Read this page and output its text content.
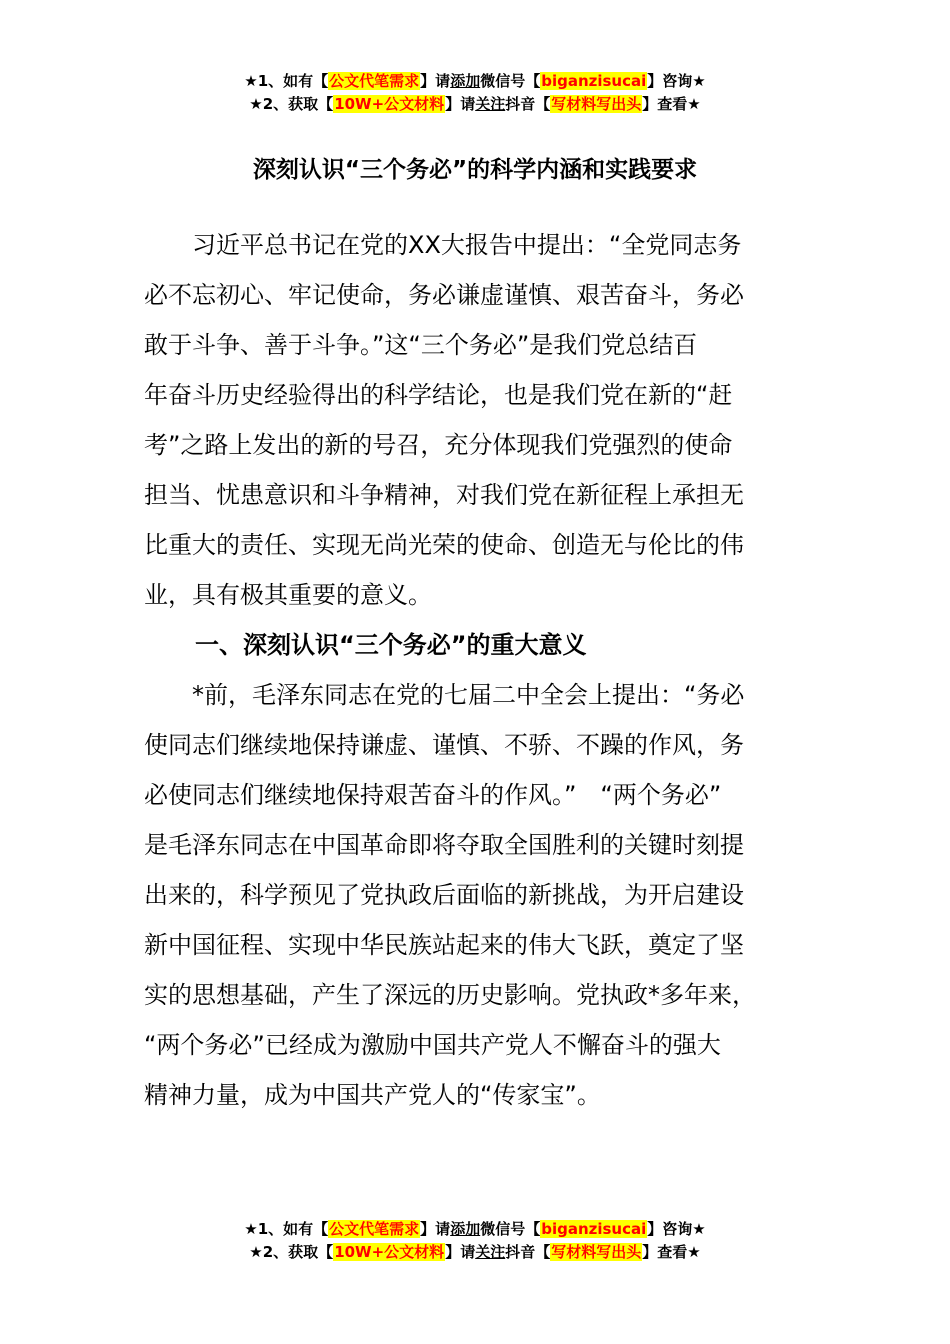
★1、如有【公文代笔需求】请添加微信号【biganzisucai】咨询★
★2、获取【10W+公文材料】请关注抖音【写材料写出头】查看★
深刻认识“三个务必”的科学内涵和实践要求
　　习近平总书记在党的XX大报告中提出：“全党同志务
必不忘初心、牢记使命，务必谦虚谨慎、艰苦奋斗，务必
敢于斗争、善于斗争。”这“三个务必”是我们党总结百
年奋斗历史经验得出的科学结论，也是我们党在新的“赶
考”之路上发出的新的号召，充分体现我们党强烈的使命
担当、忧患意识和斗争精神，对我们党在新征程上承担无
比重大的责任、实现无尚光荣的使命、创造无与伦比的伟
业，具有极其重要的意义。
一、深刻认识“三个务必”的重大意义
　　*前，毛泽东同志在党的七届二中全会上提出：“务必
使同志们继续地保持谦虚、谨慎、不骄、不躁的作风，务
必使同志们继续地保持艰苦奋斗的作风。”　“两个务必”
是毛泽东同志在中国革命即将夺取全国胜利的关键时刻提
出来的，科学预见了党执政后面临的新挑战，为开启建设
新中国征程、实现中华民族站起来的伟大飞跃，奠定了坚
实的思想基础，产生了深远的历史影响。党执政*多年来，
“两个务必”已经成为激励中国共产党人不懈奋斗的强大
精神力量，成为中国共产党人的“传家宝”。
★1、如有【公文代笔需求】请添加微信号【biganzisucai】咨询★
★2、获取【10W+公文材料】请关注抖音【写材料写出头】查看★
